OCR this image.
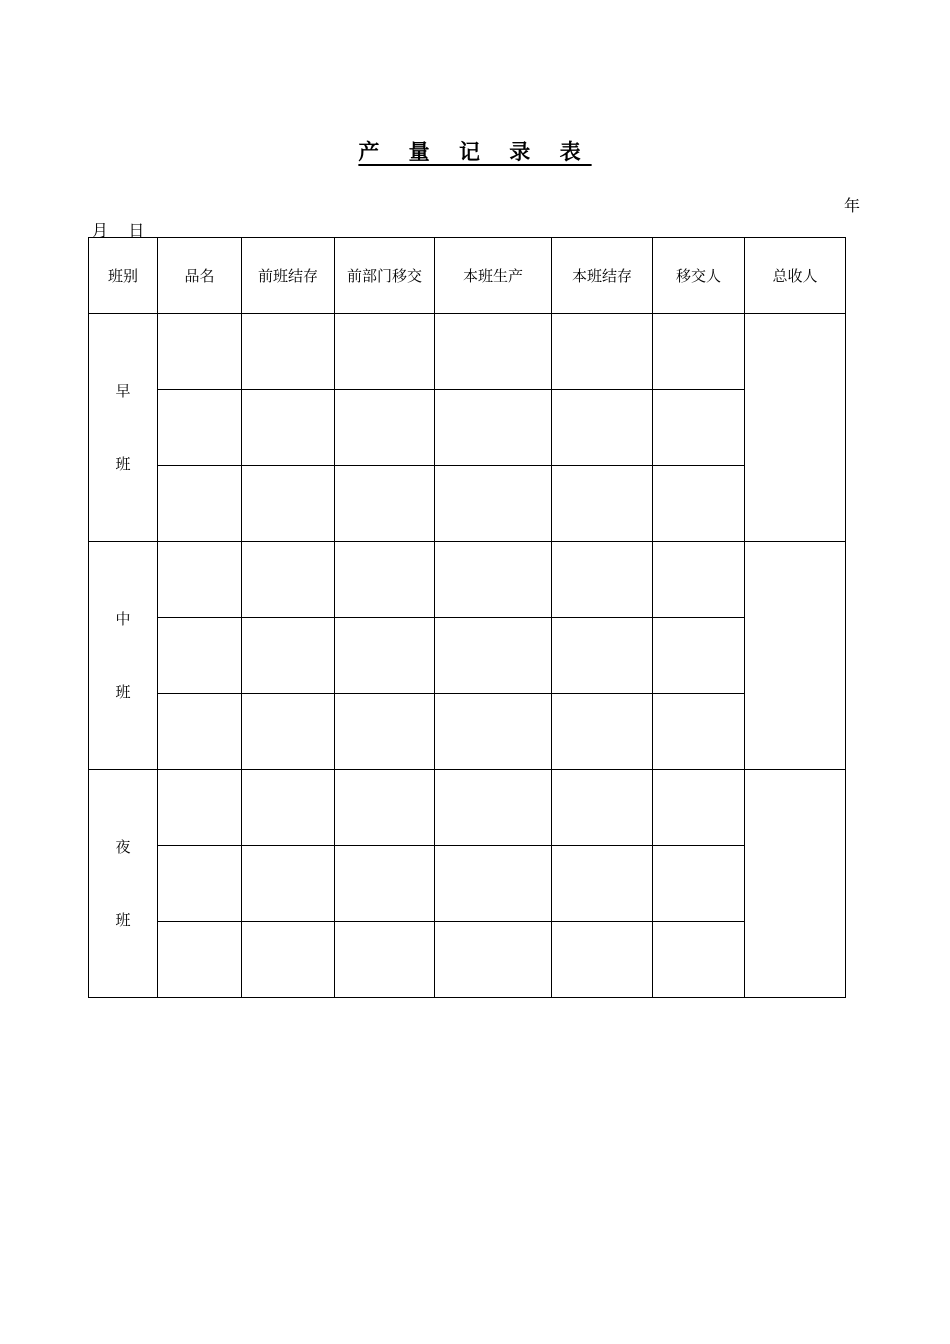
产 量 记 录 表
年
月    日
班别	品名	前班结存	前部门移交	本班生产	本班结存	移交人	总收人

早
班							

中
班							

夜
班							
